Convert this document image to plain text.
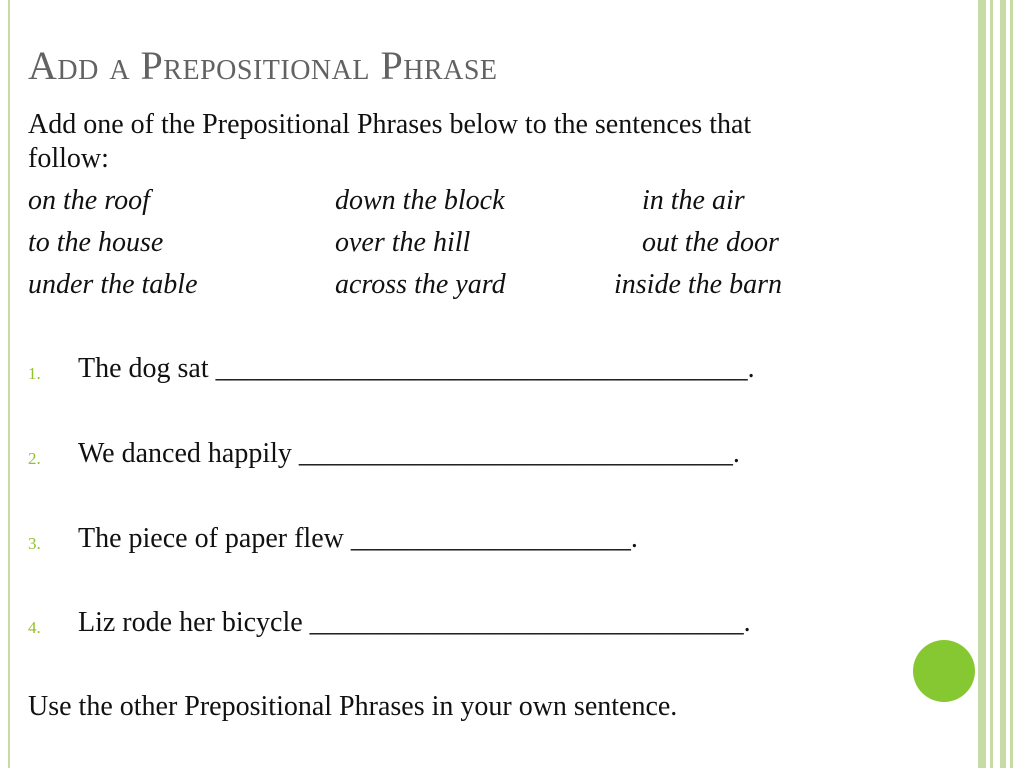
Add a Prepositional Phrase
Add one of the Prepositional Phrases below to the sentences that follow:
on the roof	down the block	in the air
to the house	over the hill	out the door
under the table	across the yard	inside the barn
1. The dog sat ______________________________________.
2. We danced happily _______________________________.
3. The piece of paper flew ____________________.
4. Liz rode her bicycle _______________________________.
Use the other Prepositional Phrases in your own sentence.
